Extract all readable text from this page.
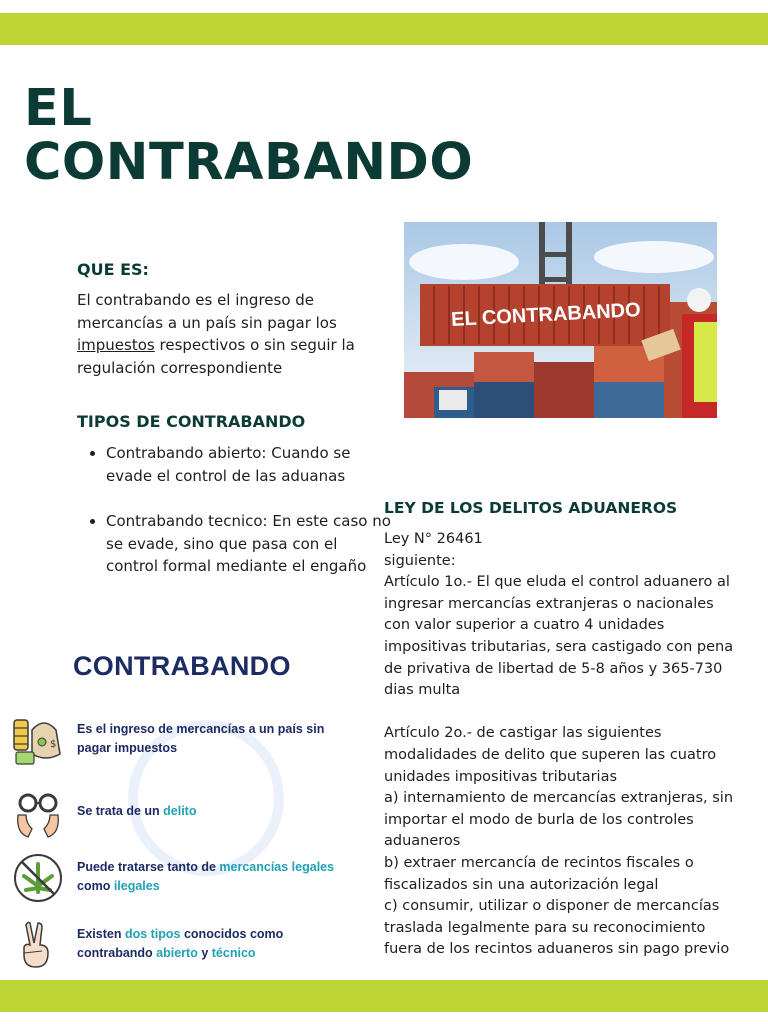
EL
CONTRABANDO
QUE ES:

El contrabando es el ingreso de mercancías a un país sin pagar los impuestos respectivos o sin seguir la regulación correspondiente

TIPOS DE CONTRABANDO
• Contrabando abierto: Cuando se evade el control de las aduanas
• Contrabando tecnico: En este caso no se evade, sino que pasa con el control formal mediante el engaño
EL CONTRABANDO
LEY DE LOS DELITOS ADUANEROS

Ley N° 26461
siguiente:
Artículo 1o.- El que eluda el control aduanero al ingresar mercancías extranjeras o nacionales con valor superior a cuatro 4 unidades impositivas tributarias, sera castigado con pena de privativa de libertad de 5-8 años y 365-730 dias multa

Artículo 2o.- de castigar las siguientes modalidades de delito que superen las cuatro unidades impositivas tributarias
a) internamiento de mercancías extranjeras, sin importar el modo de burla de los controles aduaneros
b) extraer mercancía de recintos fiscales o fiscalizados sin una autorización legal
c) consumir, utilizar o disponer de mercancías traslada legalmente para su reconocimiento fuera de los recintos aduaneros sin pago previo

CONTRABANDO
$
Es el ingreso de mercancías a un país sin
pagar impuestos
Se trata de un delito
Puede tratarse tanto de mercancías legales
como ilegales
Existen dos tipos conocidos como
contrabando abierto y técnico
